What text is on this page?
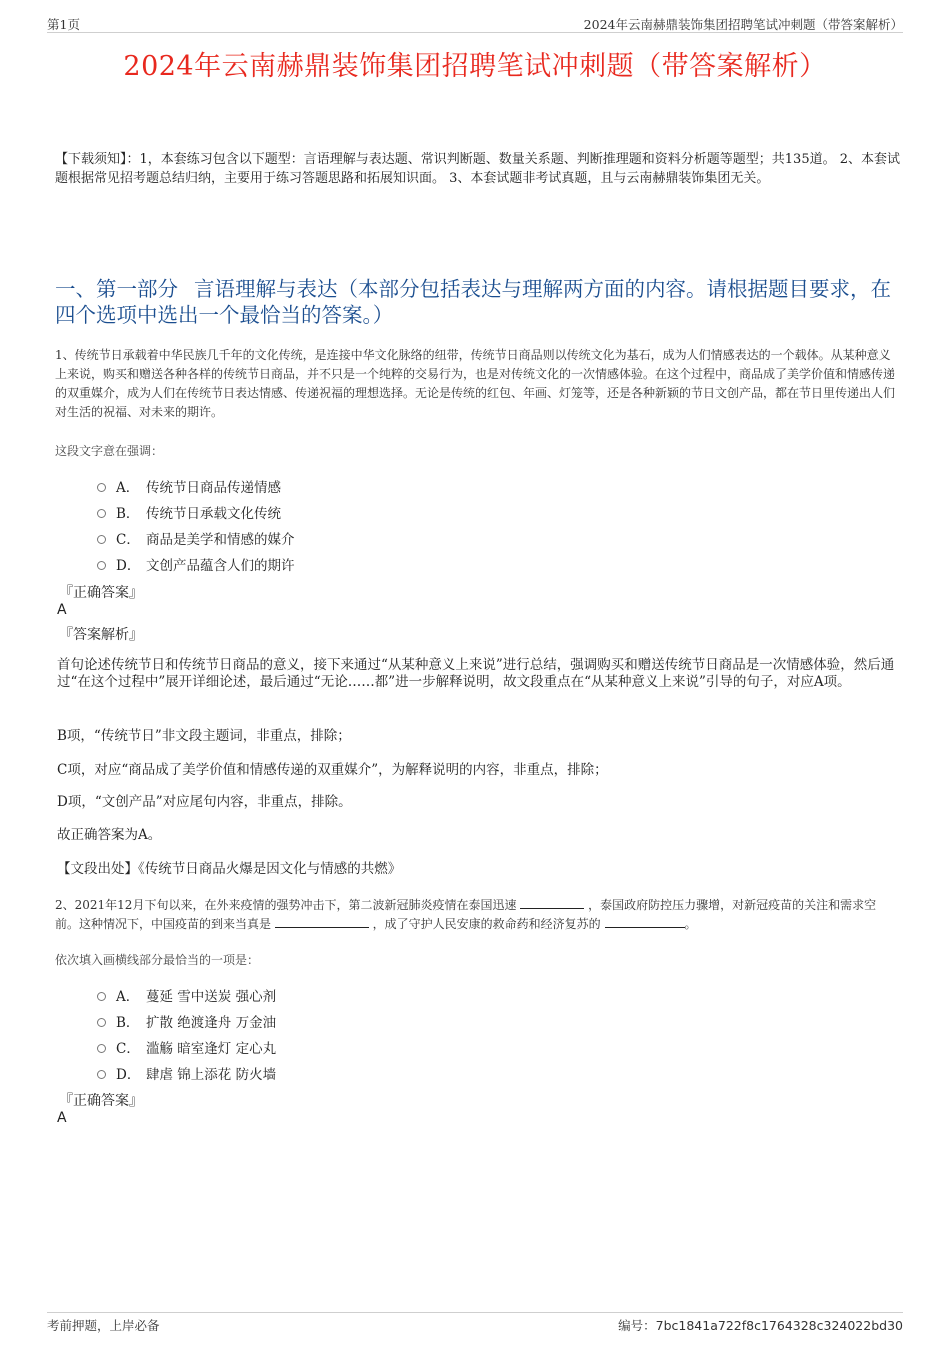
第1页	2024年云南赫鼎装饰集团招聘笔试冲刺题（带答案解析）
2024年云南赫鼎装饰集团招聘笔试冲刺题（带答案解析）
【下载须知】：1，本套练习包含以下题型：言语理解与表达题、常识判断题、数量关系题、判断推理题和资料分析题等题型；共135道。 2、本套试题根据常见招考题总结归纳，主要用于练习答题思路和拓展知识面。 3、本套试题非考试真题，且与云南赫鼎装饰集团无关。
一、第一部分 言语理解与表达（本部分包括表达与理解两方面的内容。请根据题目要求，在四个选项中选出一个最恰当的答案。）
1、传统节日承载着中华民族几千年的文化传统，是连接中华文化脉络的纽带，传统节日商品则以传统文化为基石，成为人们情感表达的一个载体。从某种意义上来说，购买和赠送各种各样的传统节日商品，并不只是一个纯粹的交易行为，也是对传统文化的一次情感体验。在这个过程中，商品成了美学价值和情感传递的双重媒介，成为人们在传统节日表达情感、传递祝福的理想选择。无论是传统的红包、年画、灯笼等，还是各种新颖的节日文创产品，都在节日里传递出人们对生活的祝福、对未来的期许。
这段文字意在强调：
A． 传统节日商品传递情感
B． 传统节日承载文化传统
C． 商品是美学和情感的媒介
D． 文创产品蕴含人们的期许
『正确答案』
A
『答案解析』
首句论述传统节日和传统节日商品的意义，接下来通过“从某种意义上来说”进行总结，强调购买和赠送传统节日商品是一次情感体验，然后通过“在这个过程中”展开详细论述，最后通过“无论……都”进一步解释说明，故文段重点在“从某种意义上来说”引导的句子，对应A项。
B项，“传统节日”非文段主题词，非重点，排除；
C项，对应“商品成了美学价值和情感传递的双重媒介”，为解释说明的内容，非重点，排除；
D项，“文创产品”对应尾句内容，非重点，排除。
故正确答案为A。
【文段出处】《传统节日商品火爆是因文化与情感的共燃》
2、2021年12月下旬以来，在外来疫情的强势冲击下，第二波新冠肺炎疫情在泰国迅速	，泰国政府防控压力骤增，对新冠疫苗的关注和需求空前。这种情况下，中国疫苗的到来当真是	，成了守护人民安康的救命药和经济复苏的	。
依次填入画横线部分最恰当的一项是：
A． 蔓延 雪中送炭 强心剂
B． 扩散 绝渡逢舟 万金油
C． 滥觞 暗室逢灯 定心丸
D． 肆虐 锦上添花 防火墙
『正确答案』
A
考前押题，上岸必备	编号：7bc1841a722f8c1764328c324022bd30
